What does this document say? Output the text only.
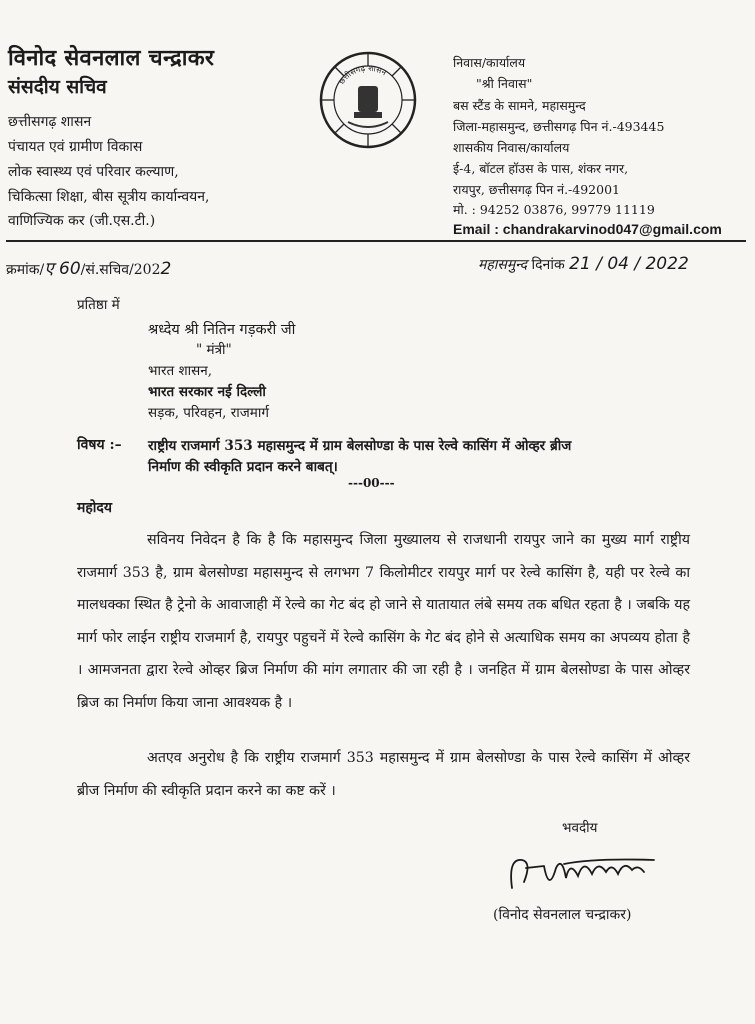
विनोद सेवनलाल चन्द्राकर
संसदीय सचिव
छत्तीसगढ़ शासन
पंचायत एवं ग्रामीण विकास
लोक स्वास्थ्य एवं परिवार कल्याण,
चिकित्सा शिक्षा, बीस सूत्रीय कार्यान्वयन,
वाणिज्यिक कर (जी.एस.टी.)
छत्तीसगढ़ शासन
निवास/कार्यालय
"श्री निवास"
बस स्टैंड के सामने, महासमुन्द
जिला-महासमुन्द, छत्तीसगढ़ पिन नं.-493445
शासकीय निवास/कार्यालय
ई-4, बॉटल हॉउस के पास, शंकर नगर,
रायपुर, छत्तीसगढ़ पिन नं.-492001
मो. : 94252 03876, 99779 11119
Email : chandrakarvinod047@gmail.com
क्रमांक/ए 60/सं.सचिव/2022	महासमुन्द दिनांक 21 / 04 / 2022
प्रतिष्ठा में
श्रध्देय श्री नितिन गड़करी जी
" मंत्री"
भारत शासन,
भारत सरकार नई दिल्ली
सड़क, परिवहन, राजमार्ग
विषय :– राष्ट्रीय राजमार्ग 353 महासमुन्द में ग्राम बेलसोण्डा के पास रेल्वे कासिंग में ओव्हर ब्रीज
निर्माण की स्वीकृति प्रदान करने बाबत्।
---00---
महोदय
सविनय निवेदन है कि है कि महासमुन्द जिला मुख्यालय से राजधानी रायपुर जाने का मुख्य मार्ग राष्ट्रीय राजमार्ग 353 है, ग्राम बेलसोण्डा महासमुन्द से लगभग 7 किलोमीटर रायपुर मार्ग पर रेल्वे कासिंग है, यही पर रेल्वे का मालधक्का स्थित है ट्रेनो के आवाजाही में रेल्वे का गेट बंद हो जाने से यातायात लंबे समय तक बधित रहता है । जबकि यह मार्ग फोर लाईन राष्ट्रीय राजमार्ग है, रायपुर पहुचनें में रेल्वे कासिंग के गेट बंद होने से अत्याधिक समय का अपव्यय होता है । आमजनता द्वारा रेल्वे ओव्हर ब्रिज निर्माण की मांग लगातार की जा रही है । जनहित में ग्राम बेलसोण्डा के पास ओव्हर ब्रिज का निर्माण किया जाना आवश्यक है ।
अतएव अनुरोध है कि राष्ट्रीय राजमार्ग 353 महासमुन्द में ग्राम बेलसोण्डा के पास रेल्वे कासिंग में ओव्हर ब्रीज निर्माण की स्वीकृति प्रदान करने का कष्ट करें ।
भवदीय
(विनोद सेवनलाल चन्द्राकर)
